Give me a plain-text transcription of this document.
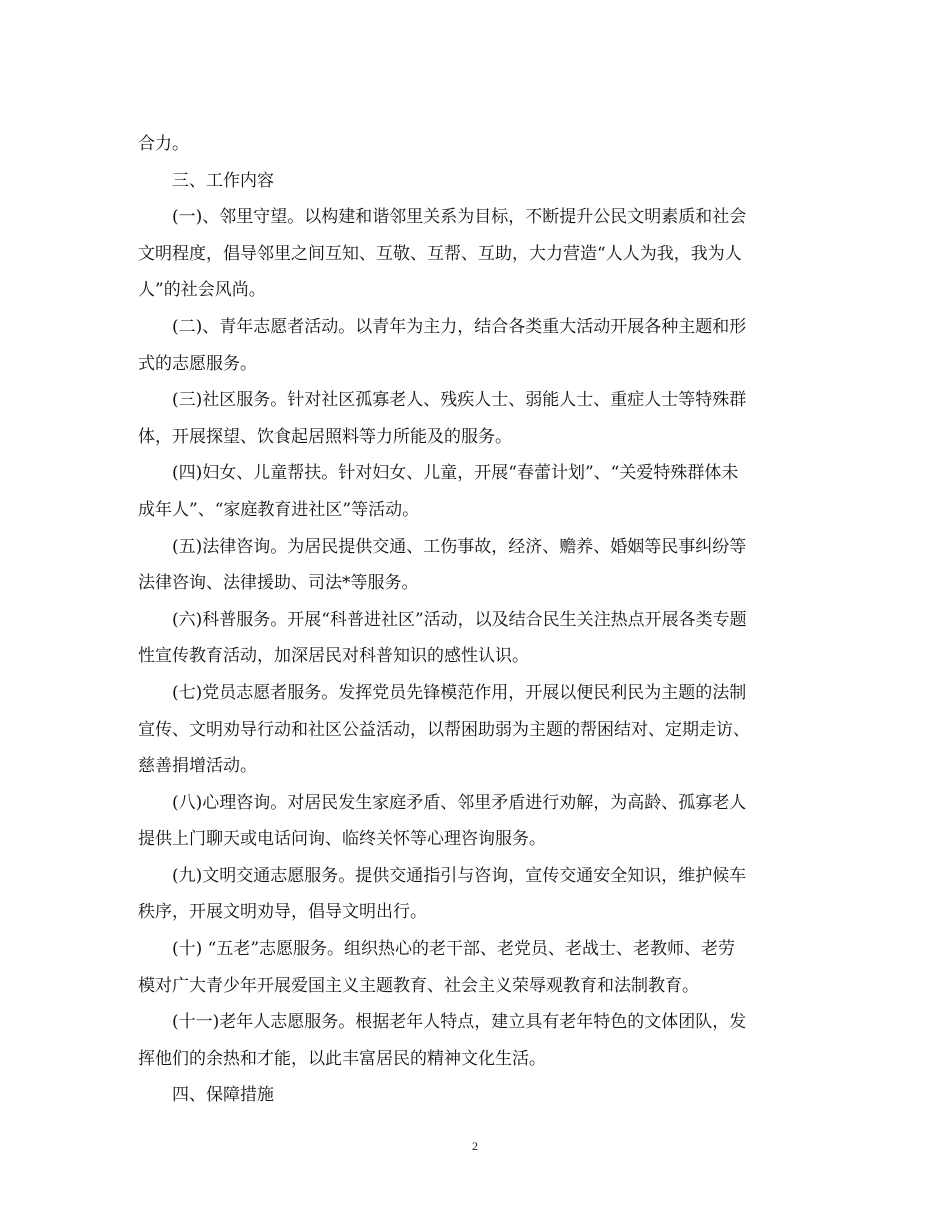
合力。
三、工作内容
(一)、邻里守望。以构建和谐邻里关系为目标，不断提升公民文明素质和社会
文明程度，倡导邻里之间互知、互敬、互帮、互助，大力营造“人人为我，我为人
人”的社会风尚。
(二)、青年志愿者活动。以青年为主力，结合各类重大活动开展各种主题和形
式的志愿服务。
(三)社区服务。针对社区孤寡老人、残疾人士、弱能人士、重症人士等特殊群
体，开展探望、饮食起居照料等力所能及的服务。
(四)妇女、儿童帮扶。针对妇女、儿童，开展“春蕾计划”、“关爱特殊群体未
成年人”、“家庭教育进社区”等活动。
(五)法律咨询。为居民提供交通、工伤事故，经济、赡养、婚姻等民事纠纷等
法律咨询、法律援助、司法*等服务。
(六)科普服务。开展“科普进社区”活动，以及结合民生关注热点开展各类专题
性宣传教育活动，加深居民对科普知识的感性认识。
(七)党员志愿者服务。发挥党员先锋模范作用，开展以便民利民为主题的法制
宣传、文明劝导行动和社区公益活动，以帮困助弱为主题的帮困结对、定期走访、
慈善捐增活动。
(八)心理咨询。对居民发生家庭矛盾、邻里矛盾进行劝解，为高龄、孤寡老人
提供上门聊天或电话问询、临终关怀等心理咨询服务。
(九)文明交通志愿服务。提供交通指引与咨询，宣传交通安全知识，维护候车
秩序，开展文明劝导，倡导文明出行。
(十) “五老”志愿服务。组织热心的老干部、老党员、老战士、老教师、老劳
模对广大青少年开展爱国主义主题教育、社会主义荣辱观教育和法制教育。
(十一)老年人志愿服务。根据老年人特点，建立具有老年特色的文体团队，发
挥他们的余热和才能，以此丰富居民的精神文化生活。
四、保障措施
2
